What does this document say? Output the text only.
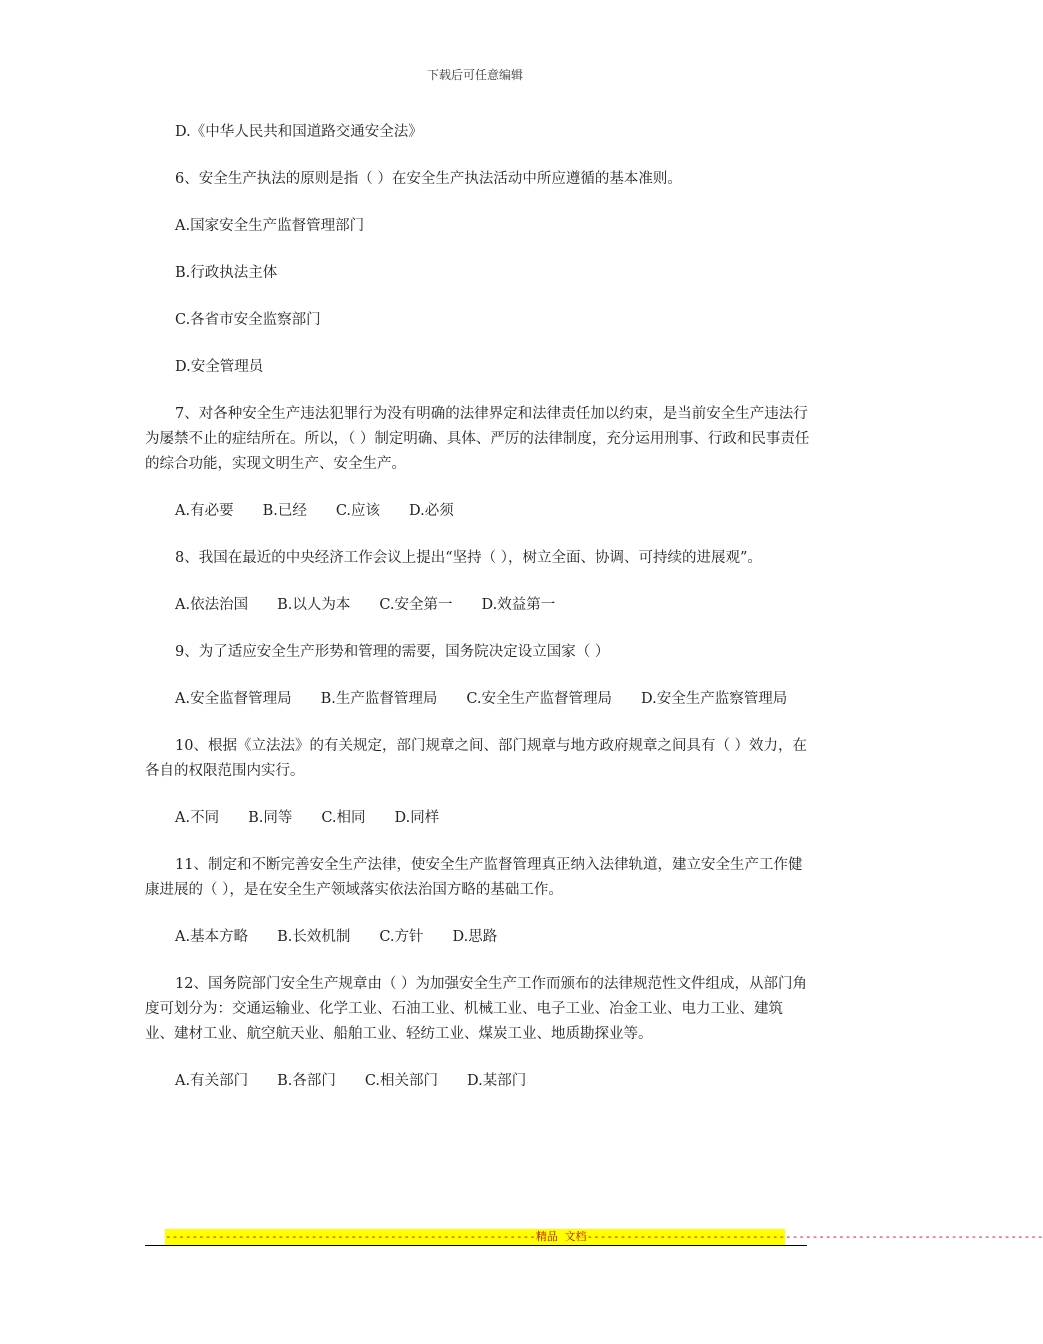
下载后可任意编辑

D.《中华人民共和国道路交通安全法》

6、安全生产执法的原则是指（ ）在安全生产执法活动中所应遵循的基本准则。

A.国家安全生产监督管理部门

B.行政执法主体

C.各省市安全监察部门

D.安全管理员

7、对各种安全生产违法犯罪行为没有明确的法律界定和法律责任加以约束，是当前安全生产违法行为屡禁不止的症结所在。所以，（ ）制定明确、具体、严厉的法律制度，充分运用刑事、行政和民事责任的综合功能，实现文明生产、安全生产。

A.有必要　　B.已经　　C.应该　　D.必须

8、我国在最近的中央经济工作会议上提出“坚持（ ），树立全面、协调、可持续的进展观”。

A.依法治国　　B.以人为本　　C.安全第一　　D.效益第一

9、为了适应安全生产形势和管理的需要，国务院决定设立国家（ ）

A.安全监督管理局　　B.生产监督管理局　　C.安全生产监督管理局　　D.安全生产监察管理局

10、根据《立法法》的有关规定，部门规章之间、部门规章与地方政府规章之间具有（ ）效力，在各自的权限范围内实行。

A.不同　　B.同等　　C.相同　　D.同样

11、制定和不断完善安全生产法律，使安全生产监督管理真正纳入法律轨道，建立安全生产工作健康进展的（ ），是在安全生产领域落实依法治国方略的基础工作。

A.基本方略　　B.长效机制　　C.方针　　D.思路

12、国务院部门安全生产规章由（ ）为加强安全生产工作而颁布的法律规范性文件组成，从部门角度可划分为：交通运输业、化学工业、石油工业、机械工业、电子工业、冶金工业、电力工业、建筑业、建材工业、航空航天业、船舶工业、轻纺工业、煤炭工业、地质勘探业等。

A.有关部门　　B.各部门　　C.相关部门　　D.某部门

--------------------------------------------------------精品 文档---------------------------------------------------------------------
